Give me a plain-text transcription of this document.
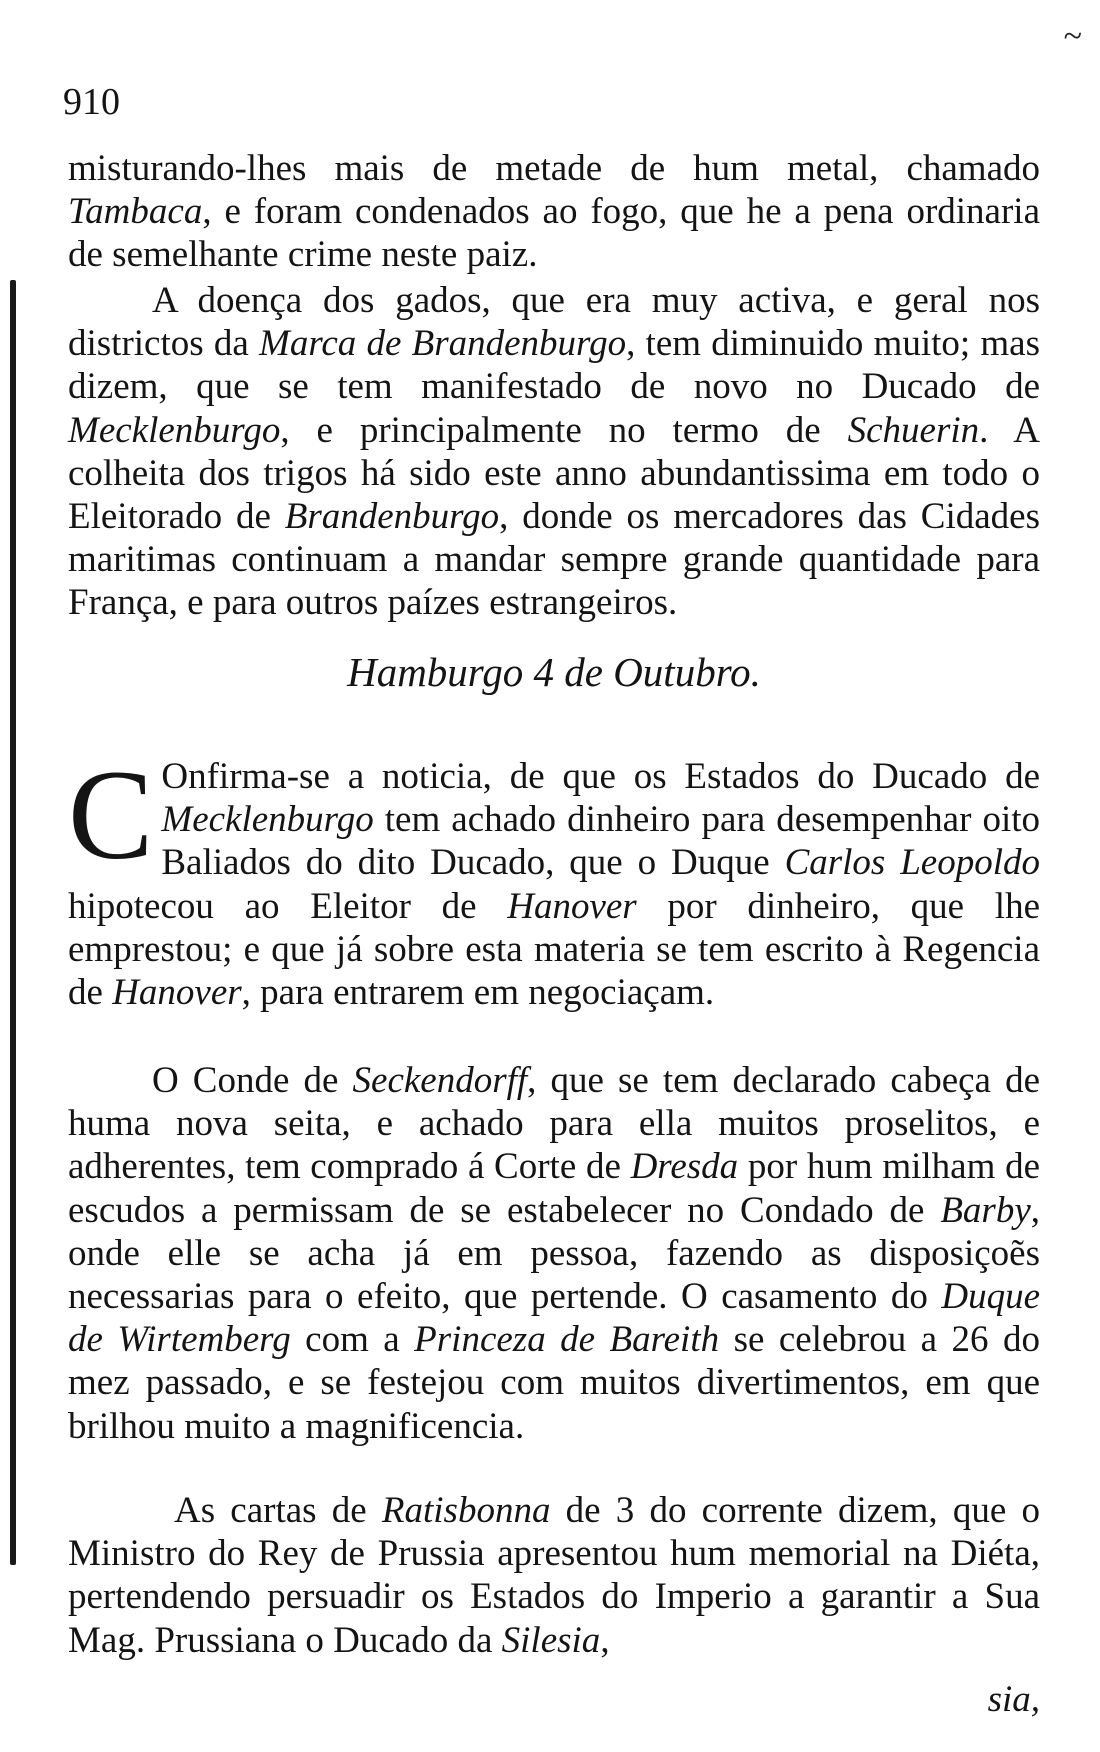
~
910

misturando-lhes mais de metade de hum metal, chamado Tambaca, e foram condenados ao fogo, que he a pena ordinaria de semelhante crime neste paiz.

A doença dos gados, que era muy activa, e geral nos districtos da Marca de Brandenburgo, tem diminuido muito; mas dizem, que se tem manifestado de novo no Ducado de Mecklenburgo, e principalmente no termo de Schuerin. A colheita dos trigos há sido este anno abundantissima em todo o Eleitorado de Brandenburgo, donde os mercadores das Cidades maritimas continuam a mandar sempre grande quantidade para França, e para outros paízes estrangeiros.

Hamburgo 4 de Outubro.

C Onfirma-se a noticia, de que os Estados do Ducado de Mecklenburgo tem achado dinheiro para desempenhar oito Baliados do dito Ducado, que o Duque Carlos Leopoldo hipotecou ao Eleitor de Hanover por dinheiro, que lhe emprestou; e que já sobre esta materia se tem escrito à Regencia de Hanover, para entrarem em negociaçam.

O Conde de Seckendorff, que se tem declarado cabeça de huma nova seita, e achado para ella muitos proselitos, e adherentes, tem comprado á Corte de Dresda por hum milham de escudos a permissam de se estabelecer no Condado de Barby, onde elle se acha já em pessoa, fazendo as disposiçoẽs necessarias para o efeito, que pertende. O casamento do Duque de Wirtemberg com a Princeza de Bareith se celebrou a 26 do mez passado, e se festejou com muitos divertimentos, em que brilhou muito a magnificencia.

As cartas de Ratisbonna de 3 do corrente dizem, que o Ministro do Rey de Prussia apresentou hum memorial na Diéta, pertendendo persuadir os Estados do Imperio a garantir a Sua Mag. Prussiana o Ducado da Silesia,

sia,
